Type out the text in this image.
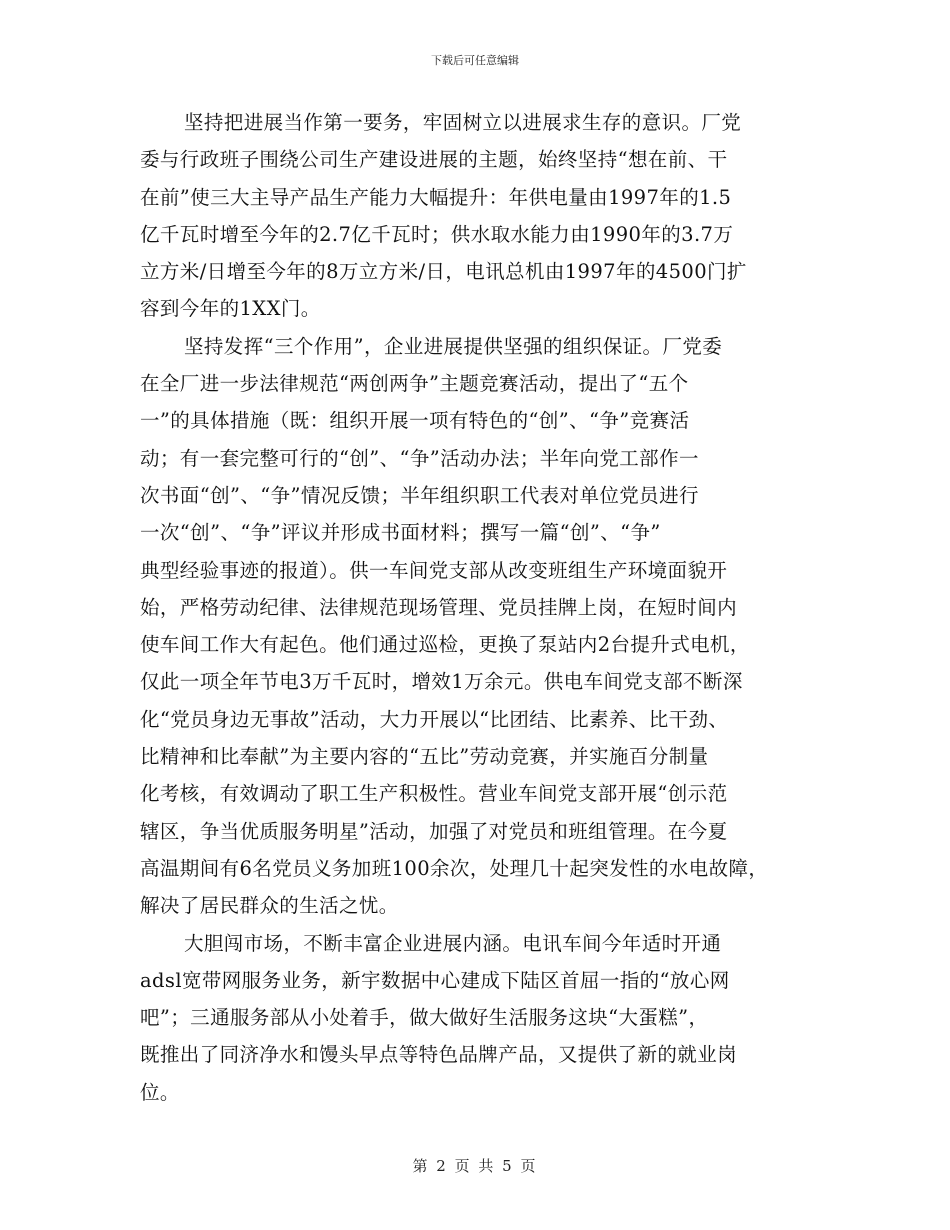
下载后可任意编辑
坚持把进展当作第一要务，牢固树立以进展求生存的意识。厂党
委与行政班子围绕公司生产建设进展的主题，始终坚持“想在前、干
在前”使三大主导产品生产能力大幅提升：年供电量由1997年的1.5
亿千瓦时增至今年的2.7亿千瓦时；供水取水能力由1990年的3.7万
立方米/日增至今年的8万立方米/日，电讯总机由1997年的4500门扩
容到今年的1XX门。
坚持发挥“三个作用”，企业进展提供坚强的组织保证。厂党委
在全厂进一步法律规范“两创两争”主题竞赛活动，提出了“五个
一”的具体措施（既：组织开展一项有特色的“创”、“争”竞赛活
动；有一套完整可行的“创”、“争”活动办法；半年向党工部作一
次书面“创”、“争”情况反馈；半年组织职工代表对单位党员进行
一次“创”、“争”评议并形成书面材料；撰写一篇“创”、“争”
典型经验事迹的报道）。供一车间党支部从改变班组生产环境面貌开
始，严格劳动纪律、法律规范现场管理、党员挂牌上岗，在短时间内
使车间工作大有起色。他们通过巡检，更换了泵站内2台提升式电机，
仅此一项全年节电3万千瓦时，增效1万余元。供电车间党支部不断深
化“党员身边无事故”活动，大力开展以“比团结、比素养、比干劲、
比精神和比奉献”为主要内容的“五比”劳动竞赛，并实施百分制量
化考核，有效调动了职工生产积极性。营业车间党支部开展“创示范
辖区，争当优质服务明星”活动，加强了对党员和班组管理。在今夏
高温期间有6名党员义务加班100余次，处理几十起突发性的水电故障，
解决了居民群众的生活之忧。
大胆闯市场，不断丰富企业进展内涵。电讯车间今年适时开通
adsl宽带网服务业务，新宇数据中心建成下陆区首屈一指的“放心网
吧”；三通服务部从小处着手，做大做好生活服务这块“大蛋糕”，
既推出了同济净水和馒头早点等特色品牌产品，又提供了新的就业岗
位。
第 2 页 共 5 页
